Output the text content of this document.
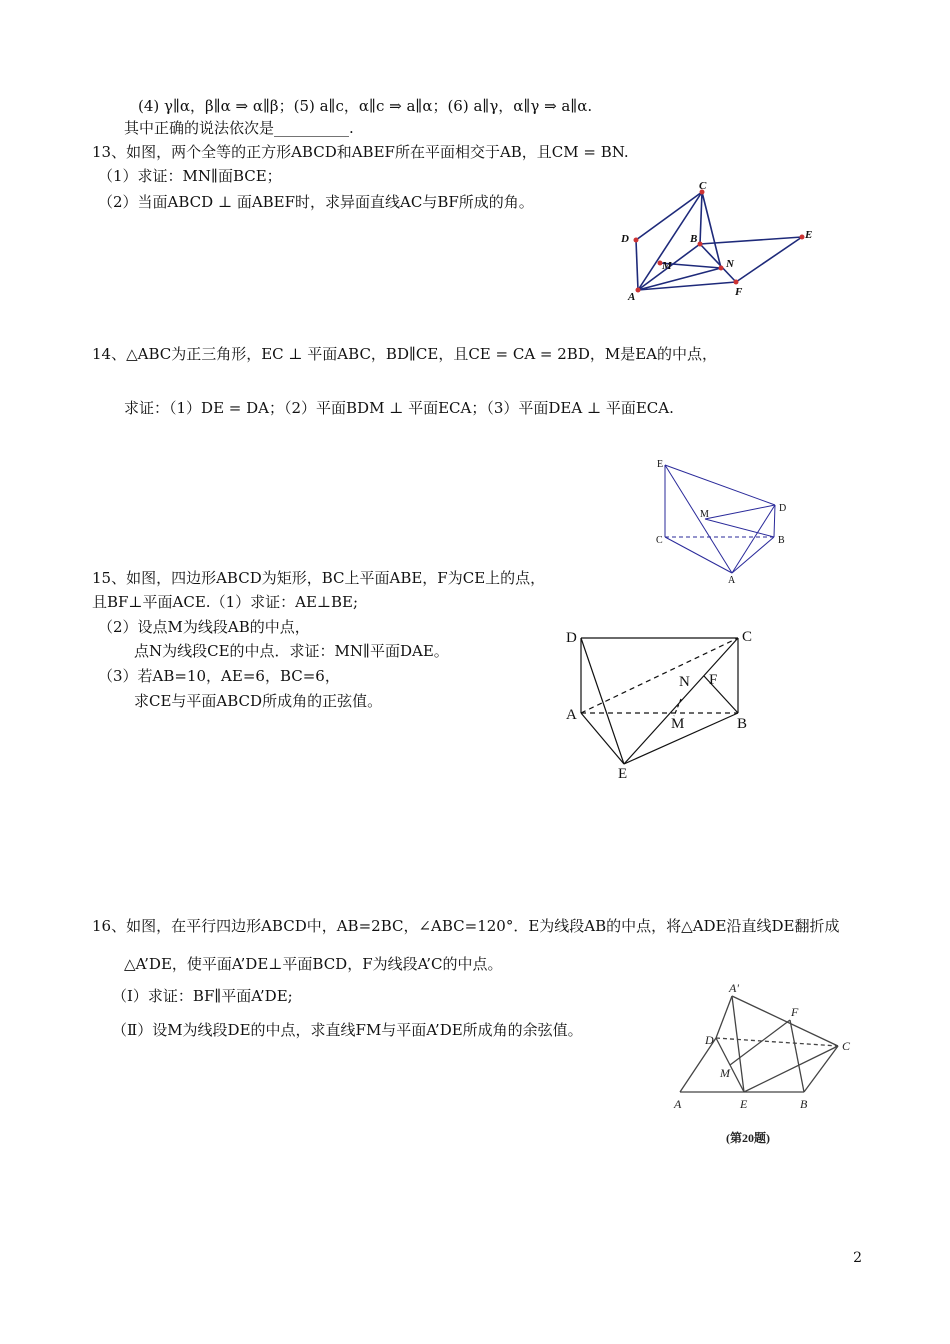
(4) γ∥α，β∥α ⇒ α∥β；(5) a∥c，α∥c ⇒ a∥α；(6) a∥γ，α∥γ ⇒ a∥α.
其中正确的说法依次是__________.
13、如图，两个全等的正方形ABCD和ABEF所在平面相交于AB，且CM = BN.
（1）求证：MN∥面BCE；
（2）当面ABCD ⊥ 面ABEF时，求异面直线AC与BF所成的角。
C
D	B	E
M	N
A	F
14、△ABC为正三角形，EC ⊥ 平面ABC，BD∥CE，且CE = CA = 2BD，M是EA的中点，
求证：（1）DE = DA；（2）平面BDM ⊥ 平面ECA；（3）平面DEA ⊥ 平面ECA.
E
D
M
C	B
A
15、如图，四边形ABCD为矩形，BC上平面ABE，F为CE上的点，
且BF⊥平面ACE.（1）求证：AE⊥BE;
（2）设点M为线段AB的中点，
点N为线段CE的中点．求证：MN∥平面DAE。
（3）若AB=10，AE=6，BC=6，
求CE与平面ABCD所成角的正弦值。
D	C
N F
A
M	B
E
16、如图，在平行四边形ABCD中，AB=2BC，∠ABC=120°．E为线段AB的中点，将△ADE沿直线DE翻折成
△A’DE，使平面A’DE⊥平面BCD，F为线段A’C的中点。
（Ⅰ）求证：BF∥平面A’DE;
（Ⅱ）设M为线段DE的中点，求直线FM与平面A’DE所成角的余弦值。
A'
F
D	C
M
A	E	B
(第20题)
2
